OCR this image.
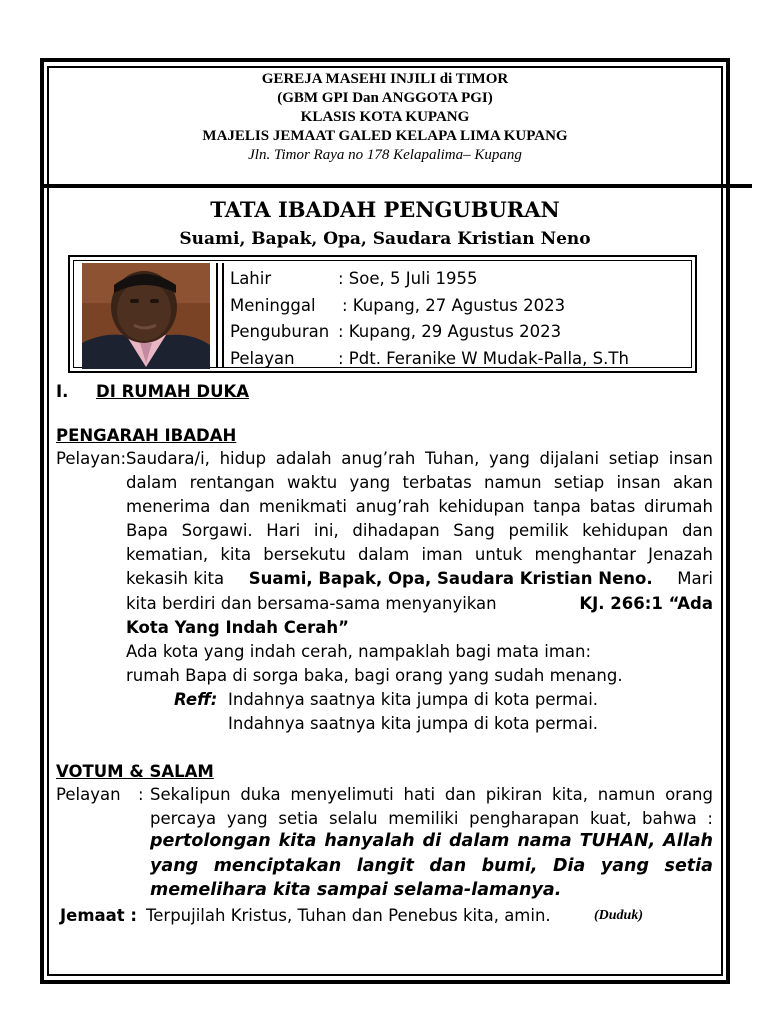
GEREJA MASEHI INJILI di TIMOR
(GBM GPI Dan ANGGOTA PGI)
KLASIS KOTA KUPANG
MAJELIS JEMAAT GALED KELAPA LIMA KUPANG
Jln. Timor Raya no 178 Kelapalima– Kupang
TATA IBADAH PENGUBURAN
Suami, Bapak, Opa, Saudara Kristian Neno
Lahir	: Soe, 5 Juli 1955
Meninggal : Kupang, 27 Agustus 2023
Penguburan : Kupang, 29 Agustus 2023
Pelayan	: Pdt. Feranike W Mudak-Palla, S.Th
I. DI RUMAH DUKA
PENGARAH IBADAH
Pelayan: Saudara/i, hidup adalah anug’rah Tuhan, yang dijalani setiap insan
dalam rentangan waktu yang terbatas namun setiap insan akan
menerima dan menikmati anug’rah kehidupan tanpa batas dirumah
Bapa Sorgawi. Hari ini, dihadapan Sang pemilik kehidupan dan
kematian, kita bersekutu dalam iman untuk menghantar Jenazah
kekasih kita Suami, Bapak, Opa, Saudara Kristian Neno. Mari
kita berdiri dan bersama-sama menyanyikan	KJ. 266:1 “Ada
Kota Yang Indah Cerah”
Ada kota yang indah cerah, nampaklah bagi mata iman:
rumah Bapa di sorga baka, bagi orang yang sudah menang.
Reff: Indahnya saatnya kita jumpa di kota permai.
Indahnya saatnya kita jumpa di kota permai.
VOTUM & SALAM
Pelayan : Sekalipun duka menyelimuti hati dan pikiran kita, namun orang
percaya yang setia selalu memiliki pengharapan kuat, bahwa :
pertolongan kita hanyalah di dalam nama TUHAN, Allah
yang menciptakan langit dan bumi, Dia yang setia
memelihara kita sampai selama-lamanya.
Jemaat : Terpujilah Kristus, Tuhan dan Penebus kita, amin.	(Duduk)
